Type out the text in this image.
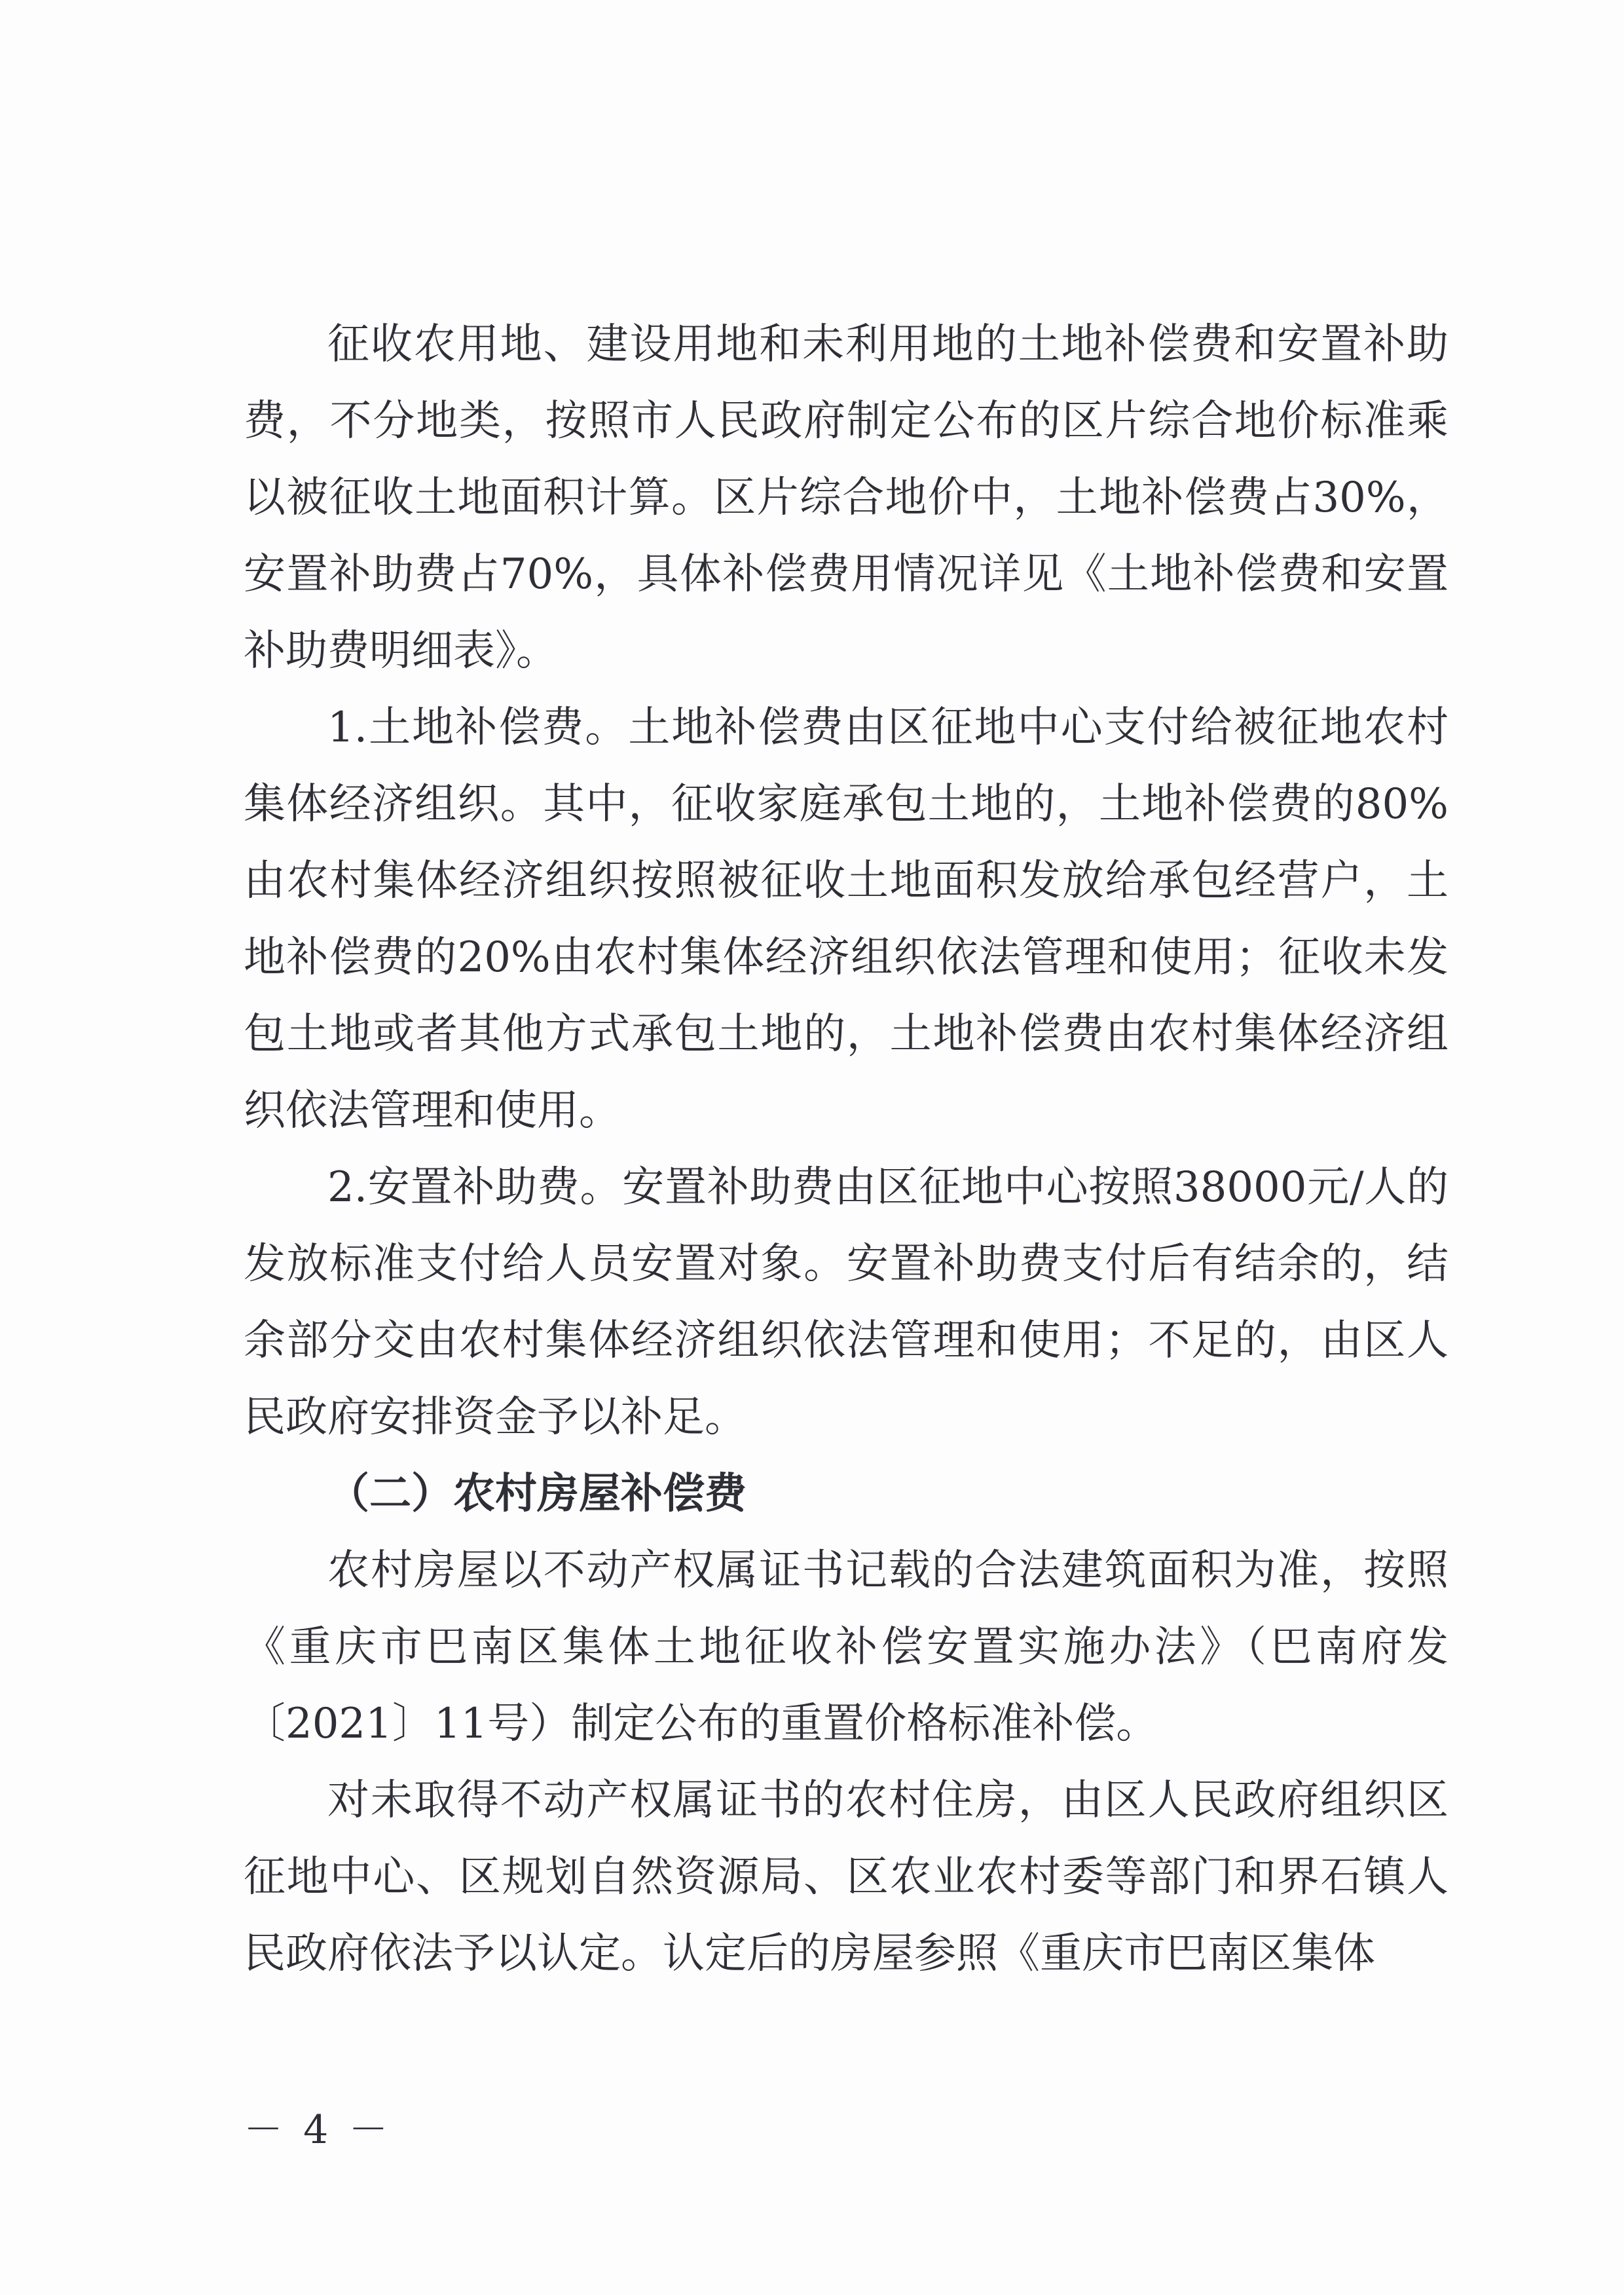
征收农用地、建设用地和未利用地的土地补偿费和安置补助费，不分地类，按照市人民政府制定公布的区片综合地价标准乘以被征收土地面积计算。区片综合地价中，土地补偿费占30%，安置补助费占70%，具体补偿费用情况详见《土地补偿费和安置补助费明细表》。

1.土地补偿费。土地补偿费由区征地中心支付给被征地农村集体经济组织。其中，征收家庭承包土地的，土地补偿费的80%由农村集体经济组织按照被征收土地面积发放给承包经营户，土地补偿费的20%由农村集体经济组织依法管理和使用；征收未发包土地或者其他方式承包土地的，土地补偿费由农村集体经济组织依法管理和使用。

2.安置补助费。安置补助费由区征地中心按照38000元/人的发放标准支付给人员安置对象。安置补助费支付后有结余的，结余部分交由农村集体经济组织依法管理和使用；不足的，由区人民政府安排资金予以补足。

（二）农村房屋补偿费

农村房屋以不动产权属证书记载的合法建筑面积为准，按照《重庆市巴南区集体土地征收补偿安置实施办法》（巴南府发〔2021〕11号）制定公布的重置价格标准补偿。

对未取得不动产权属证书的农村住房，由区人民政府组织区征地中心、区规划自然资源局、区农业农村委等部门和界石镇人民政府依法予以认定。认定后的房屋参照《重庆市巴南区集体

－ 4 －
